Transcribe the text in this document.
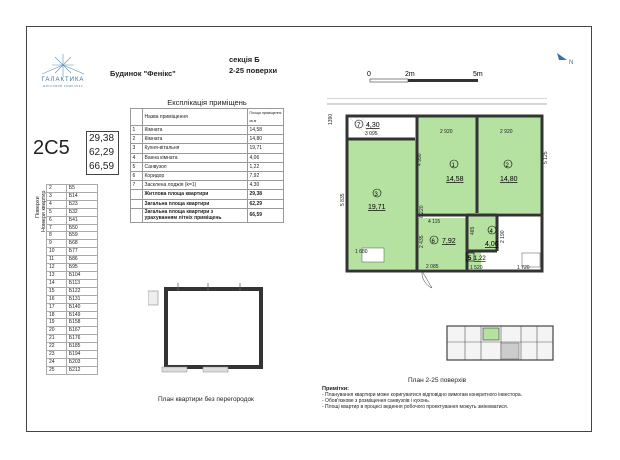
ГАЛАКТИКА
житловий комплекс
Будинок "Фенікс"
секція Б
2-25 поверхи	0	2m	5m
N
Експлікація приміщень		
	Назва приміщення	Площа приміщення кв.м
1	Кімната	14,58
2	Кімната	14,80
3	Кухня-вітальня	19,71
4	Ванна кімната	4,06
5	Санвузол	1,22
6	Коридор	7,92
7	Засклена лоджія (k=1)	4,30
	Житлова площа квартири	29,38
	Загальна площа квартири	62,29
	Загальна площа квартири з
урахуванням літніх приміщень	66,59
2С5 29,38
62,29
66,59
Поверхи Номери квартир
2	Б5
3	Б14
4	Б23
5	Б32
6	Б41
7	Б50
8	Б59
9	Б68
10	Б77
11	Б86
12	Б95
13	Б104
14	Б113
15	Б122
16	Б131
17	Б140
18	Б149
19	Б158
20	Б167
21	Б176
22	Б185
23	Б194
24	Б203
25	Б212
План квартири без перегородок
7 4,30
1
14,58
2
14,80
3
19,71
6 7,92
4
4,06
5 1,22
1390
3 095	2 920	2 920
4 990	5 125
5 835
6 220
4 115
2 435
1 680
2 085
465	2 190
1 520	1 720
План 2-25 поверхів
Примітки:
- Планування квартири може коригуватися відповідно вимогам конкретного інвестора.
- Обов'язкове з розміщення санвузлів і кухонь.
- Площі квартир в процесі ведення робочого проектування можуть змінюватися.
